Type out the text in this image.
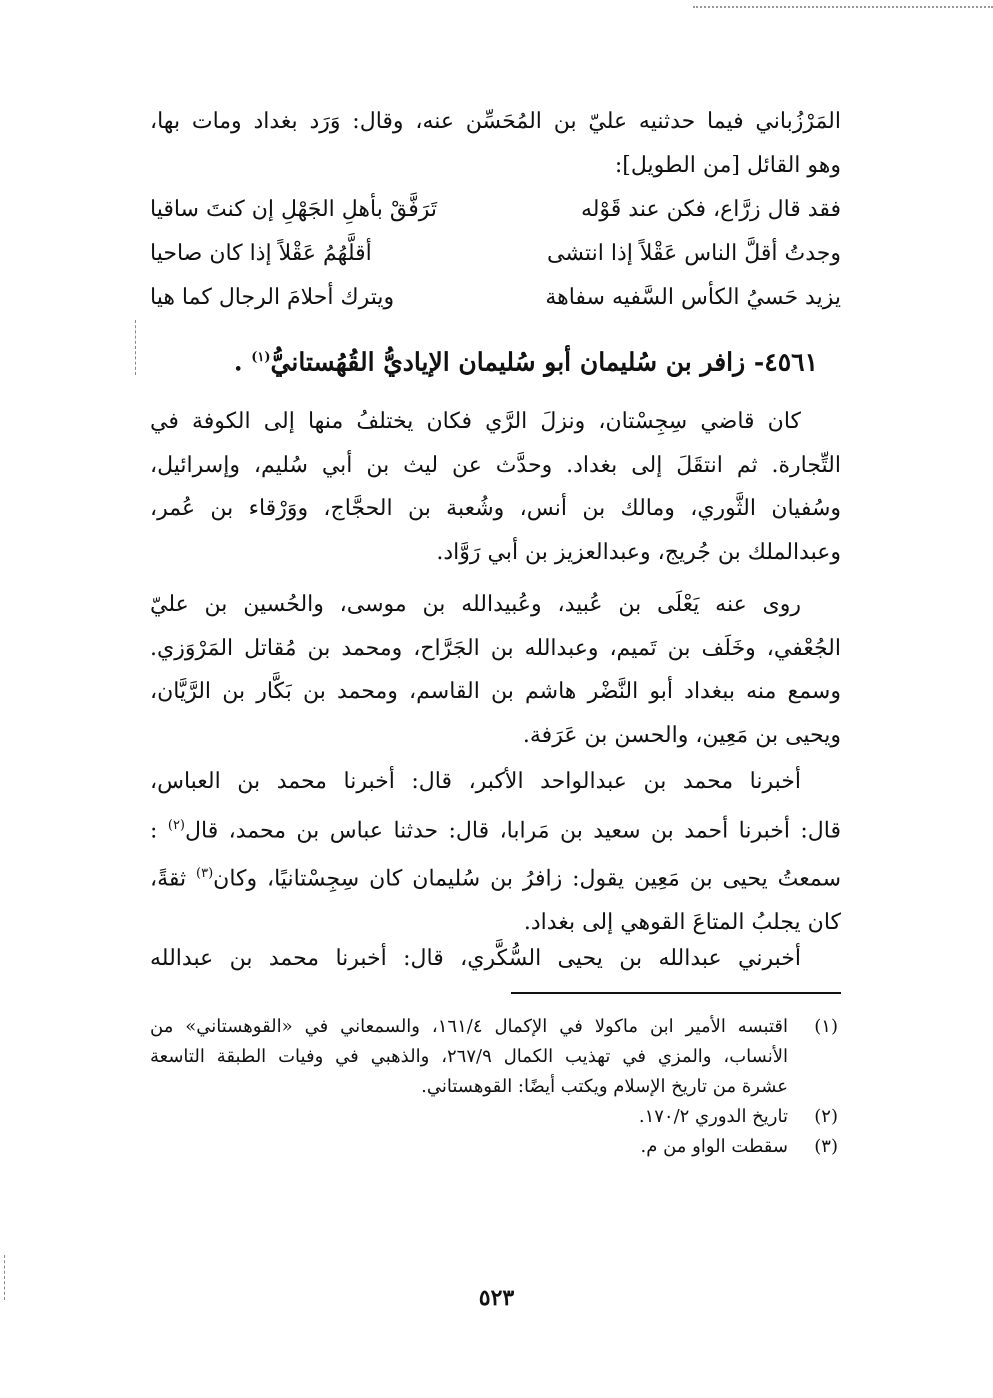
المَرْزُباني فيما حدثنيه عليّ بن المُحَسِّن عنه، وقال: وَرَد بغداد ومات بها،
وهو القائل [من الطويل]:
فقد قال زرَّاع، فكن عند قَوْله
تَرَفَّقْ بأهلِ الجَهْلِ إن كنتَ ساقيا
وجدتُ أقلَّ الناس عَقْلاً إذا انتشى
أقلَّهُمُ عَقْلاً إذا كان صاحيا
يزيد حَسيُ الكأس السَّفيه سفاهة
ويترك أحلامَ الرجال كما هيا
٤٥٦١- زافر بن سُليمان أبو سُليمان الإياديُّ القُهُستانيُّ$^{(١)}$ .
كان قاضي سِجِسْتان، ونزلَ الرَّي فكان يختلفُ منها إلى الكوفة في
التِّجارة. ثم انتقَلَ إلى بغداد. وحدَّث عن ليث بن أبي سُليم، وإسرائيل،
وسُفيان الثَّوري، ومالك بن أنس، وشُعبة بن الحجَّاج، ووَرْقاء بن عُمر،
وعبدالملك بن جُريج، وعبدالعزيز بن أبي رَوَّاد.
روى عنه يَعْلَى بن عُبيد، وعُبيدالله بن موسى، والحُسين بن عليّ
الجُعْفي، وخَلَف بن تَميم، وعبدالله بن الجَرَّاح، ومحمد بن مُقاتل المَرْوَزي.
وسمع منه ببغداد أبو النَّضْر هاشم بن القاسم، ومحمد بن بَكَّار بن الرَّيَّان،
ويحيى بن مَعِين، والحسن بن عَرَفة.
أخبرنا محمد بن عبدالواحد الأكبر، قال: أخبرنا محمد بن العباس،
قال: أخبرنا أحمد بن سعيد بن مَرابا، قال: حدثنا عباس بن محمد، قال$^{(٢)}$ :
سمعتُ يحيى بن مَعِين يقول: زافرُ بن سُليمان كان سِجِسْتانيًا، وكان$^{(٣)}$ ثقةً،
كان يجلبُ المتاعَ القوهي إلى بغداد.
أخبرني عبدالله بن يحيى السُّكَّري، قال: أخبرنا محمد بن عبدالله
(١)
اقتبسه الأمير ابن ماكولا في الإكمال ١٦١/٤، والسمعاني في «القوهستاني» من
الأنساب، والمزي في تهذيب الكمال ٢٦٧/٩، والذهبي في وفيات الطبقة التاسعة
عشرة من تاريخ الإسلام ويكتب أيضًا: القوهستاني.
(٢)
تاريخ الدوري ١٧٠/٢.
(٣)
سقطت الواو من م.
٥٢٣
